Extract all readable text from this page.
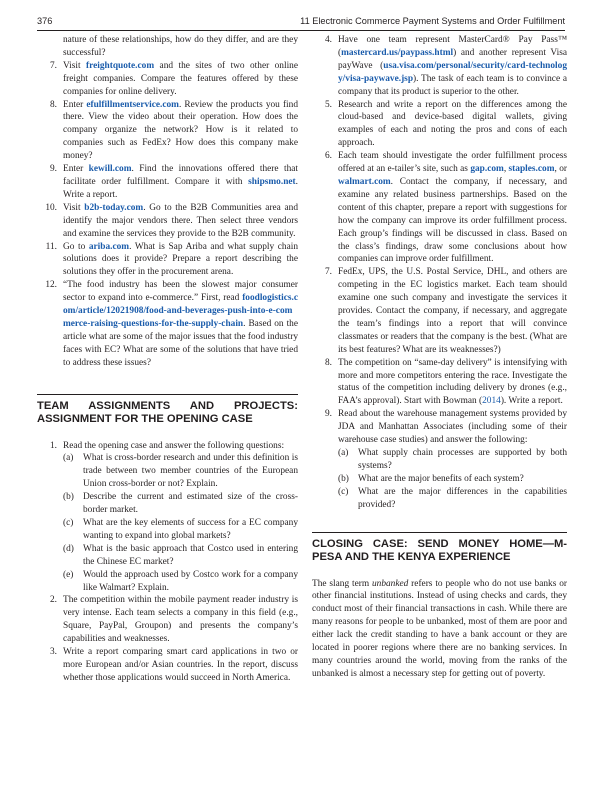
376	11 Electronic Commerce Payment Systems and Order Fulfillment
nature of these relationships, how do they differ, and are they successful?
7. Visit freightquote.com and the sites of two other online freight companies. Compare the features offered by these companies for online delivery.
8. Enter efulfillmentservice.com. Review the products you find there. View the video about their operation. How does the company organize the network? How is it related to companies such as FedEx? How does this company make money?
9. Enter kewill.com. Find the innovations offered there that facilitate order fulfillment. Compare it with shipsmo.net. Write a report.
10. Visit b2b-today.com. Go to the B2B Communities area and identify the major vendors there. Then select three vendors and examine the services they provide to the B2B community.
11. Go to ariba.com. What is Sap Ariba and what supply chain solutions does it provide? Prepare a report describing the solutions they offer in the procurement arena.
12. “The food industry has been the slowest major consumer sector to expand into e-commerce.” First, read foodlogistics.com/article/12021908/food-and-beverages-push-into-e-commerce-raising-questions-for-the-supply-chain. Based on the article what are some of the major issues that the food industry faces with EC? What are some of the solutions that have tried to address these issues?
TEAM ASSIGNMENTS AND PROJECTS: ASSIGNMENT FOR THE OPENING CASE
1. Read the opening case and answer the following questions:
(a) What is cross-border research and under this definition is trade between two member countries of the European Union cross-border or not? Explain.
(b) Describe the current and estimated size of the cross-border market.
(c) What are the key elements of success for a EC company wanting to expand into global markets?
(d) What is the basic approach that Costco used in entering the Chinese EC market?
(e) Would the approach used by Costco work for a company like Walmart? Explain.
2. The competition within the mobile payment reader industry is very intense. Each team selects a company in this field (e.g., Square, PayPal, Groupon) and presents the company’s capabilities and weaknesses.
3. Write a report comparing smart card applications in two or more European and/or Asian countries. In the report, discuss whether those applications would succeed in North America.
4. Have one team represent MasterCard® Pay Pass™ (mastercard.us/paypass.html) and another represent Visa payWave (usa.visa.com/personal/security/card-technology/visa-paywave.jsp). The task of each team is to convince a company that its product is superior to the other.
5. Research and write a report on the differences among the cloud-based and device-based digital wallets, giving examples of each and noting the pros and cons of each approach.
6. Each team should investigate the order fulfillment process offered at an e-tailer’s site, such as gap.com, staples.com, or walmart.com. Contact the company, if necessary, and examine any related business partnerships. Based on the content of this chapter, prepare a report with suggestions for how the company can improve its order fulfillment process. Each group’s findings will be discussed in class. Based on the class’s findings, draw some conclusions about how companies can improve order fulfillment.
7. FedEx, UPS, the U.S. Postal Service, DHL, and others are competing in the EC logistics market. Each team should examine one such company and investigate the services it provides. Contact the company, if necessary, and aggregate the team’s findings into a report that will convince classmates or readers that the company is the best. (What are its best features? What are its weaknesses?)
8. The competition on “same-day delivery” is intensifying with more and more competitors entering the race. Investigate the status of the competition including delivery by drones (e.g., FAA’s approval). Start with Bowman (2014). Write a report.
9. Read about the warehouse management systems provided by JDA and Manhattan Associates (including some of their warehouse case studies) and answer the following:
(a) What supply chain processes are supported by both systems?
(b) What are the major benefits of each system?
(c) What are the major differences in the capabilities provided?
CLOSING CASE: SEND MONEY HOME—M-PESA AND THE KENYA EXPERIENCE

The slang term unbanked refers to people who do not use banks or other financial institutions. Instead of using checks and cards, they conduct most of their financial transactions in cash. While there are many reasons for people to be unbanked, most of them are poor and either lack the credit standing to have a bank account or they are located in poorer regions where there are no banking services. In many countries around the world, moving from the ranks of the unbanked is almost a necessary step for getting out of poverty.
